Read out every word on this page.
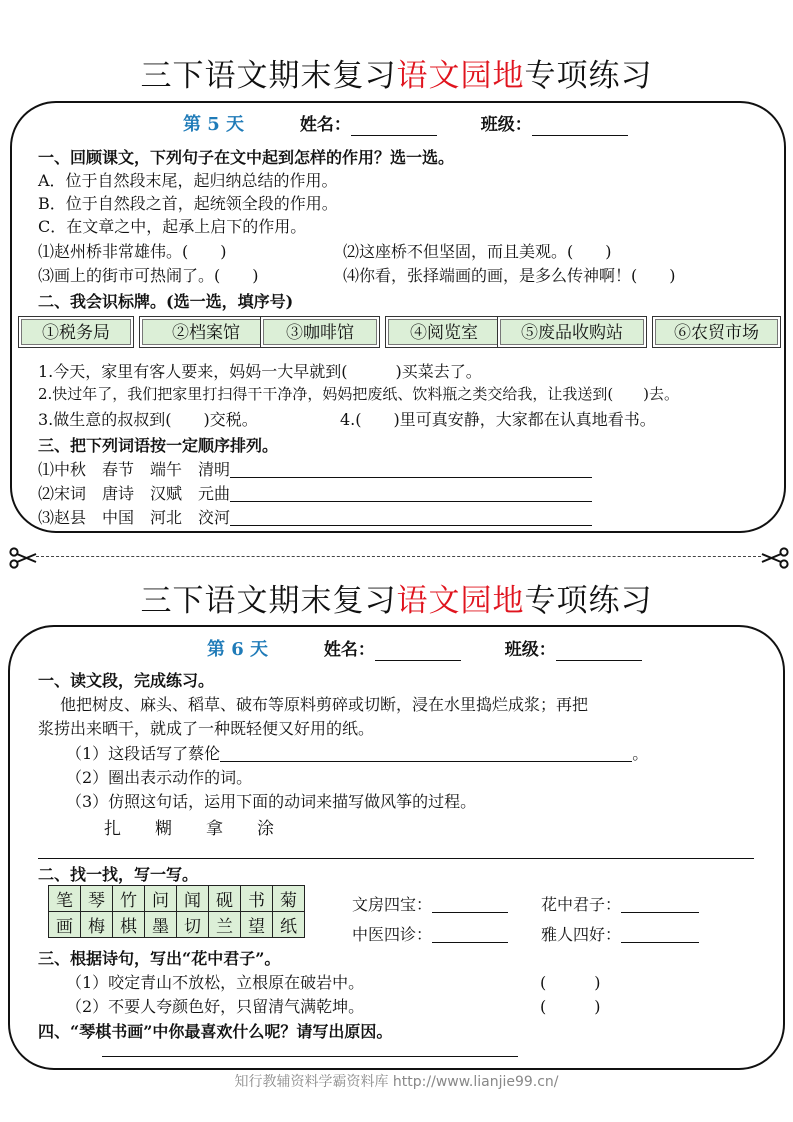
三下语文期末复习语文园地专项练习
第 5 天	姓名：	班级：
一、回顾课文，下列句子在文中起到怎样的作用？选一选。
A．位于自然段末尾，起归纳总结的作用。
B．位于自然段之首，起统领全段的作用。
C．在文章之中，起承上启下的作用。
⑴赵州桥非常雄伟。(　　)	⑵这座桥不但坚固，而且美观。(　　)
⑶画上的街市可热闹了。(　　)	⑷你看，张择端画的画，是多么传神啊！(　　)
二、我会识标牌。(选一选，填序号)
①税务局	②档案馆	③咖啡馆	④阅览室	⑤废品收购站	⑥农贸市场
1.今天，家里有客人要来，妈妈一大早就到(　　　)买菜去了。
2.快过年了，我们把家里打扫得干干净净，妈妈把废纸、饮料瓶之类交给我，让我送到(　　)去。
3.做生意的叔叔到(　　)交税。	4.(　　)里可真安静，大家都在认真地看书。
三、把下列词语按一定顺序排列。
⑴中秋　春节　端午　清明
⑵宋词　唐诗　汉赋　元曲
⑶赵县　中国　河北　洨河
三下语文期末复习语文园地专项练习
第 6 天	姓名：	班级：
一、读文段，完成练习。
他把树皮、麻头、稻草、破布等原料剪碎或切断，浸在水里捣烂成浆；再把
浆捞出来晒干，就成了一种既轻便又好用的纸。
（1）这段话写了蔡伦	。
（2）圈出表示动作的词。
（3）仿照这句话，运用下面的动词来描写做风筝的过程。
扎　　糊　　拿　　涂
二、找一找，写一写。
笔	琴	竹	问	闻	砚	书	菊
画	梅	棋	墨	切	兰	望	纸
文房四宝：	花中君子：
中医四诊：	雅人四好：
三、根据诗句，写出“花中君子”。
（1）咬定青山不放松，立根原在破岩中。	(　　　)
（2）不要人夸颜色好，只留清气满乾坤。	(　　　)
四、“琴棋书画”中你最喜欢什么呢？请写出原因。
知行教辅资料学霸资料库 http://www.lianjie99.cn/
